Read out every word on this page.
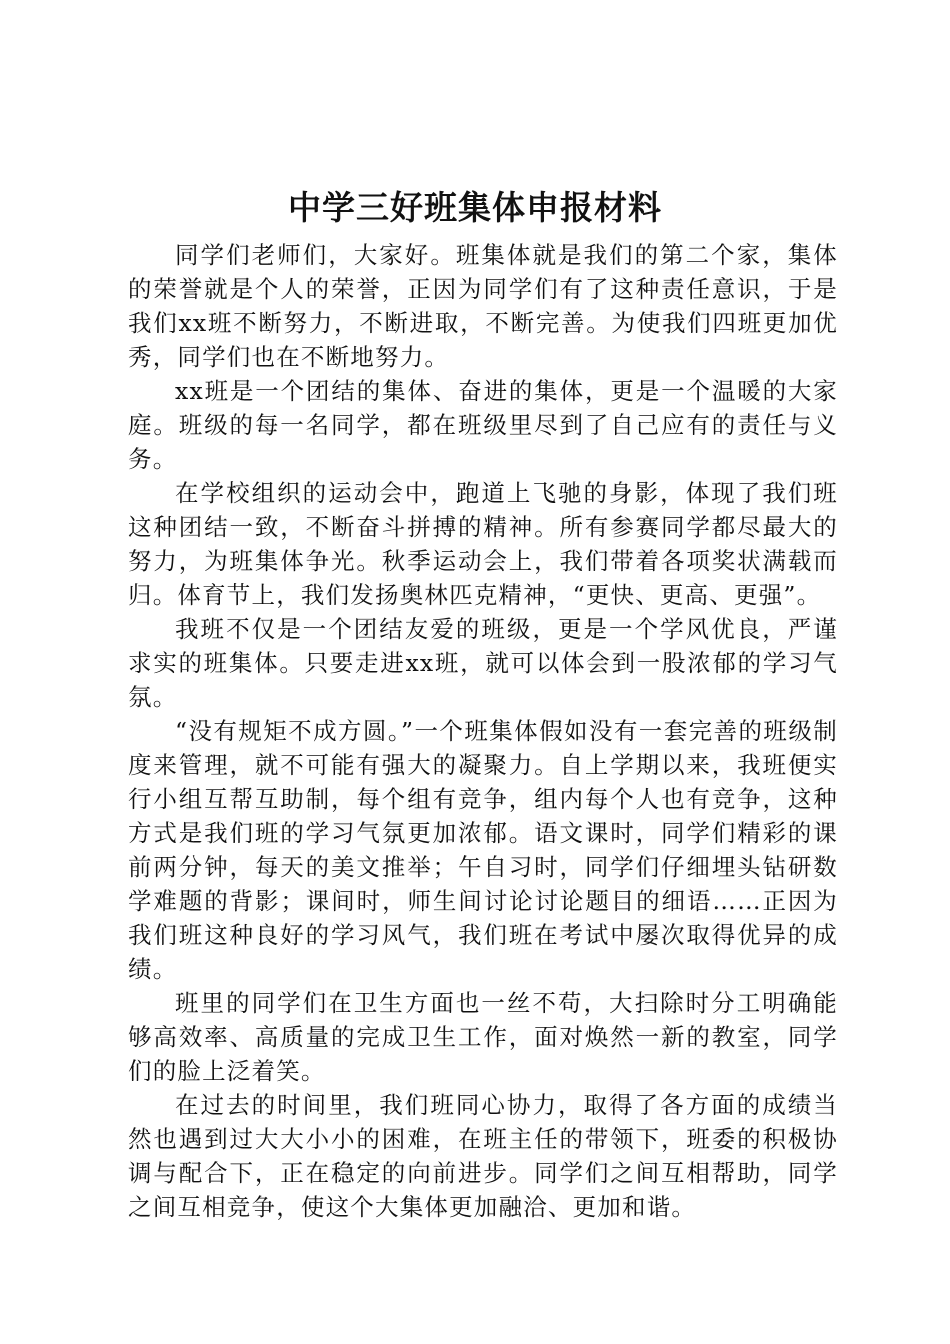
中学三好班集体申报材料

同学们老师们，大家好。班集体就是我们的第二个家，集体的荣誉就是个人的荣誉，正因为同学们有了这种责任意识，于是我们xx班不断努力，不断进取，不断完善。为使我们四班更加优秀，同学们也在不断地努力。

xx班是一个团结的集体、奋进的集体，更是一个温暖的大家庭。班级的每一名同学，都在班级里尽到了自己应有的责任与义务。

在学校组织的运动会中，跑道上飞驰的身影，体现了我们班这种团结一致，不断奋斗拼搏的精神。所有参赛同学都尽最大的努力，为班集体争光。秋季运动会上，我们带着各项奖状满载而归。体育节上，我们发扬奥林匹克精神，“更快、更高、更强”。

我班不仅是一个团结友爱的班级，更是一个学风优良，严谨求实的班集体。只要走进xx班，就可以体会到一股浓郁的学习气氛。

“没有规矩不成方圆。”一个班集体假如没有一套完善的班级制度来管理，就不可能有强大的凝聚力。自上学期以来，我班便实行小组互帮互助制，每个组有竞争，组内每个人也有竞争，这种方式是我们班的学习气氛更加浓郁。语文课时，同学们精彩的课前两分钟，每天的美文推举；午自习时，同学们仔细埋头钻研数学难题的背影；课间时，师生间讨论讨论题目的细语……正因为我们班这种良好的学习风气，我们班在考试中屡次取得优异的成绩。

班里的同学们在卫生方面也一丝不苟，大扫除时分工明确能够高效率、高质量的完成卫生工作，面对焕然一新的教室，同学们的脸上泛着笑。

在过去的时间里，我们班同心协力，取得了各方面的成绩当然也遇到过大大小小的困难，在班主任的带领下，班委的积极协调与配合下，正在稳定的向前进步。同学们之间互相帮助，同学之间互相竞争，使这个大集体更加融洽、更加和谐。
